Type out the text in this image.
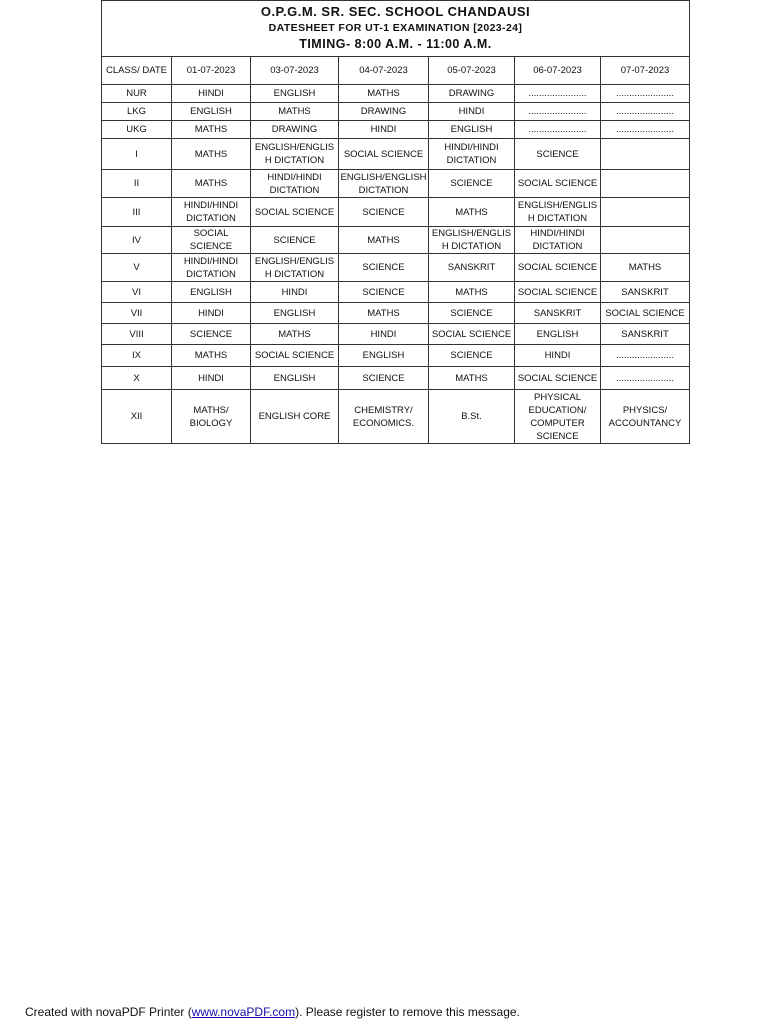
O.P.G.M. SR. SEC. SCHOOL CHANDAUSI
DATESHEET FOR UT-1 EXAMINATION [2023-24]
TIMING- 8:00 A.M. - 11:00 A.M.						

CLASS/ DATE	01-07-2023	03-07-2023	04-07-2023	05-07-2023	06-07-2023	07-07-2023
NUR	HINDI	ENGLISH	MATHS	DRAWING	......................	......................
LKG	ENGLISH	MATHS	DRAWING	HINDI	......................	......................
UKG	MATHS	DRAWING	HINDI	ENGLISH	......................	......................
I	MATHS	ENGLISH/ENGLISH DICTATION	SOCIAL SCIENCE	HINDI/HINDI DICTATION	SCIENCE	
II	MATHS	HINDI/HINDI DICTATION	ENGLISH/ENGLISH DICTATION	SCIENCE	SOCIAL SCIENCE	
III	HINDI/HINDI DICTATION	SOCIAL SCIENCE	SCIENCE	MATHS	ENGLISH/ENGLISH DICTATION	
IV	SOCIAL SCIENCE	SCIENCE	MATHS	ENGLISH/ENGLISH DICTATION	HINDI/HINDI DICTATION	
V	HINDI/HINDI DICTATION	ENGLISH/ENGLISH DICTATION	SCIENCE	SANSKRIT	SOCIAL SCIENCE	MATHS
VI	ENGLISH	HINDI	SCIENCE	MATHS	SOCIAL SCIENCE	SANSKRIT
VII	HINDI	ENGLISH	MATHS	SCIENCE	SANSKRIT	SOCIAL SCIENCE
VIII	SCIENCE	MATHS	HINDI	SOCIAL SCIENCE	ENGLISH	SANSKRIT
IX	MATHS	SOCIAL SCIENCE	ENGLISH	SCIENCE	HINDI	......................
X	HINDI	ENGLISH	SCIENCE	MATHS	SOCIAL SCIENCE	......................
XII	MATHS/ BIOLOGY	ENGLISH CORE	CHEMISTRY/ ECONOMICS.	B.St.	PHYSICAL EDUCATION/ COMPUTER SCIENCE	PHYSICS/ ACCOUNTANCY
Created with novaPDF Printer (www.novaPDF.com). Please register to remove this message.
